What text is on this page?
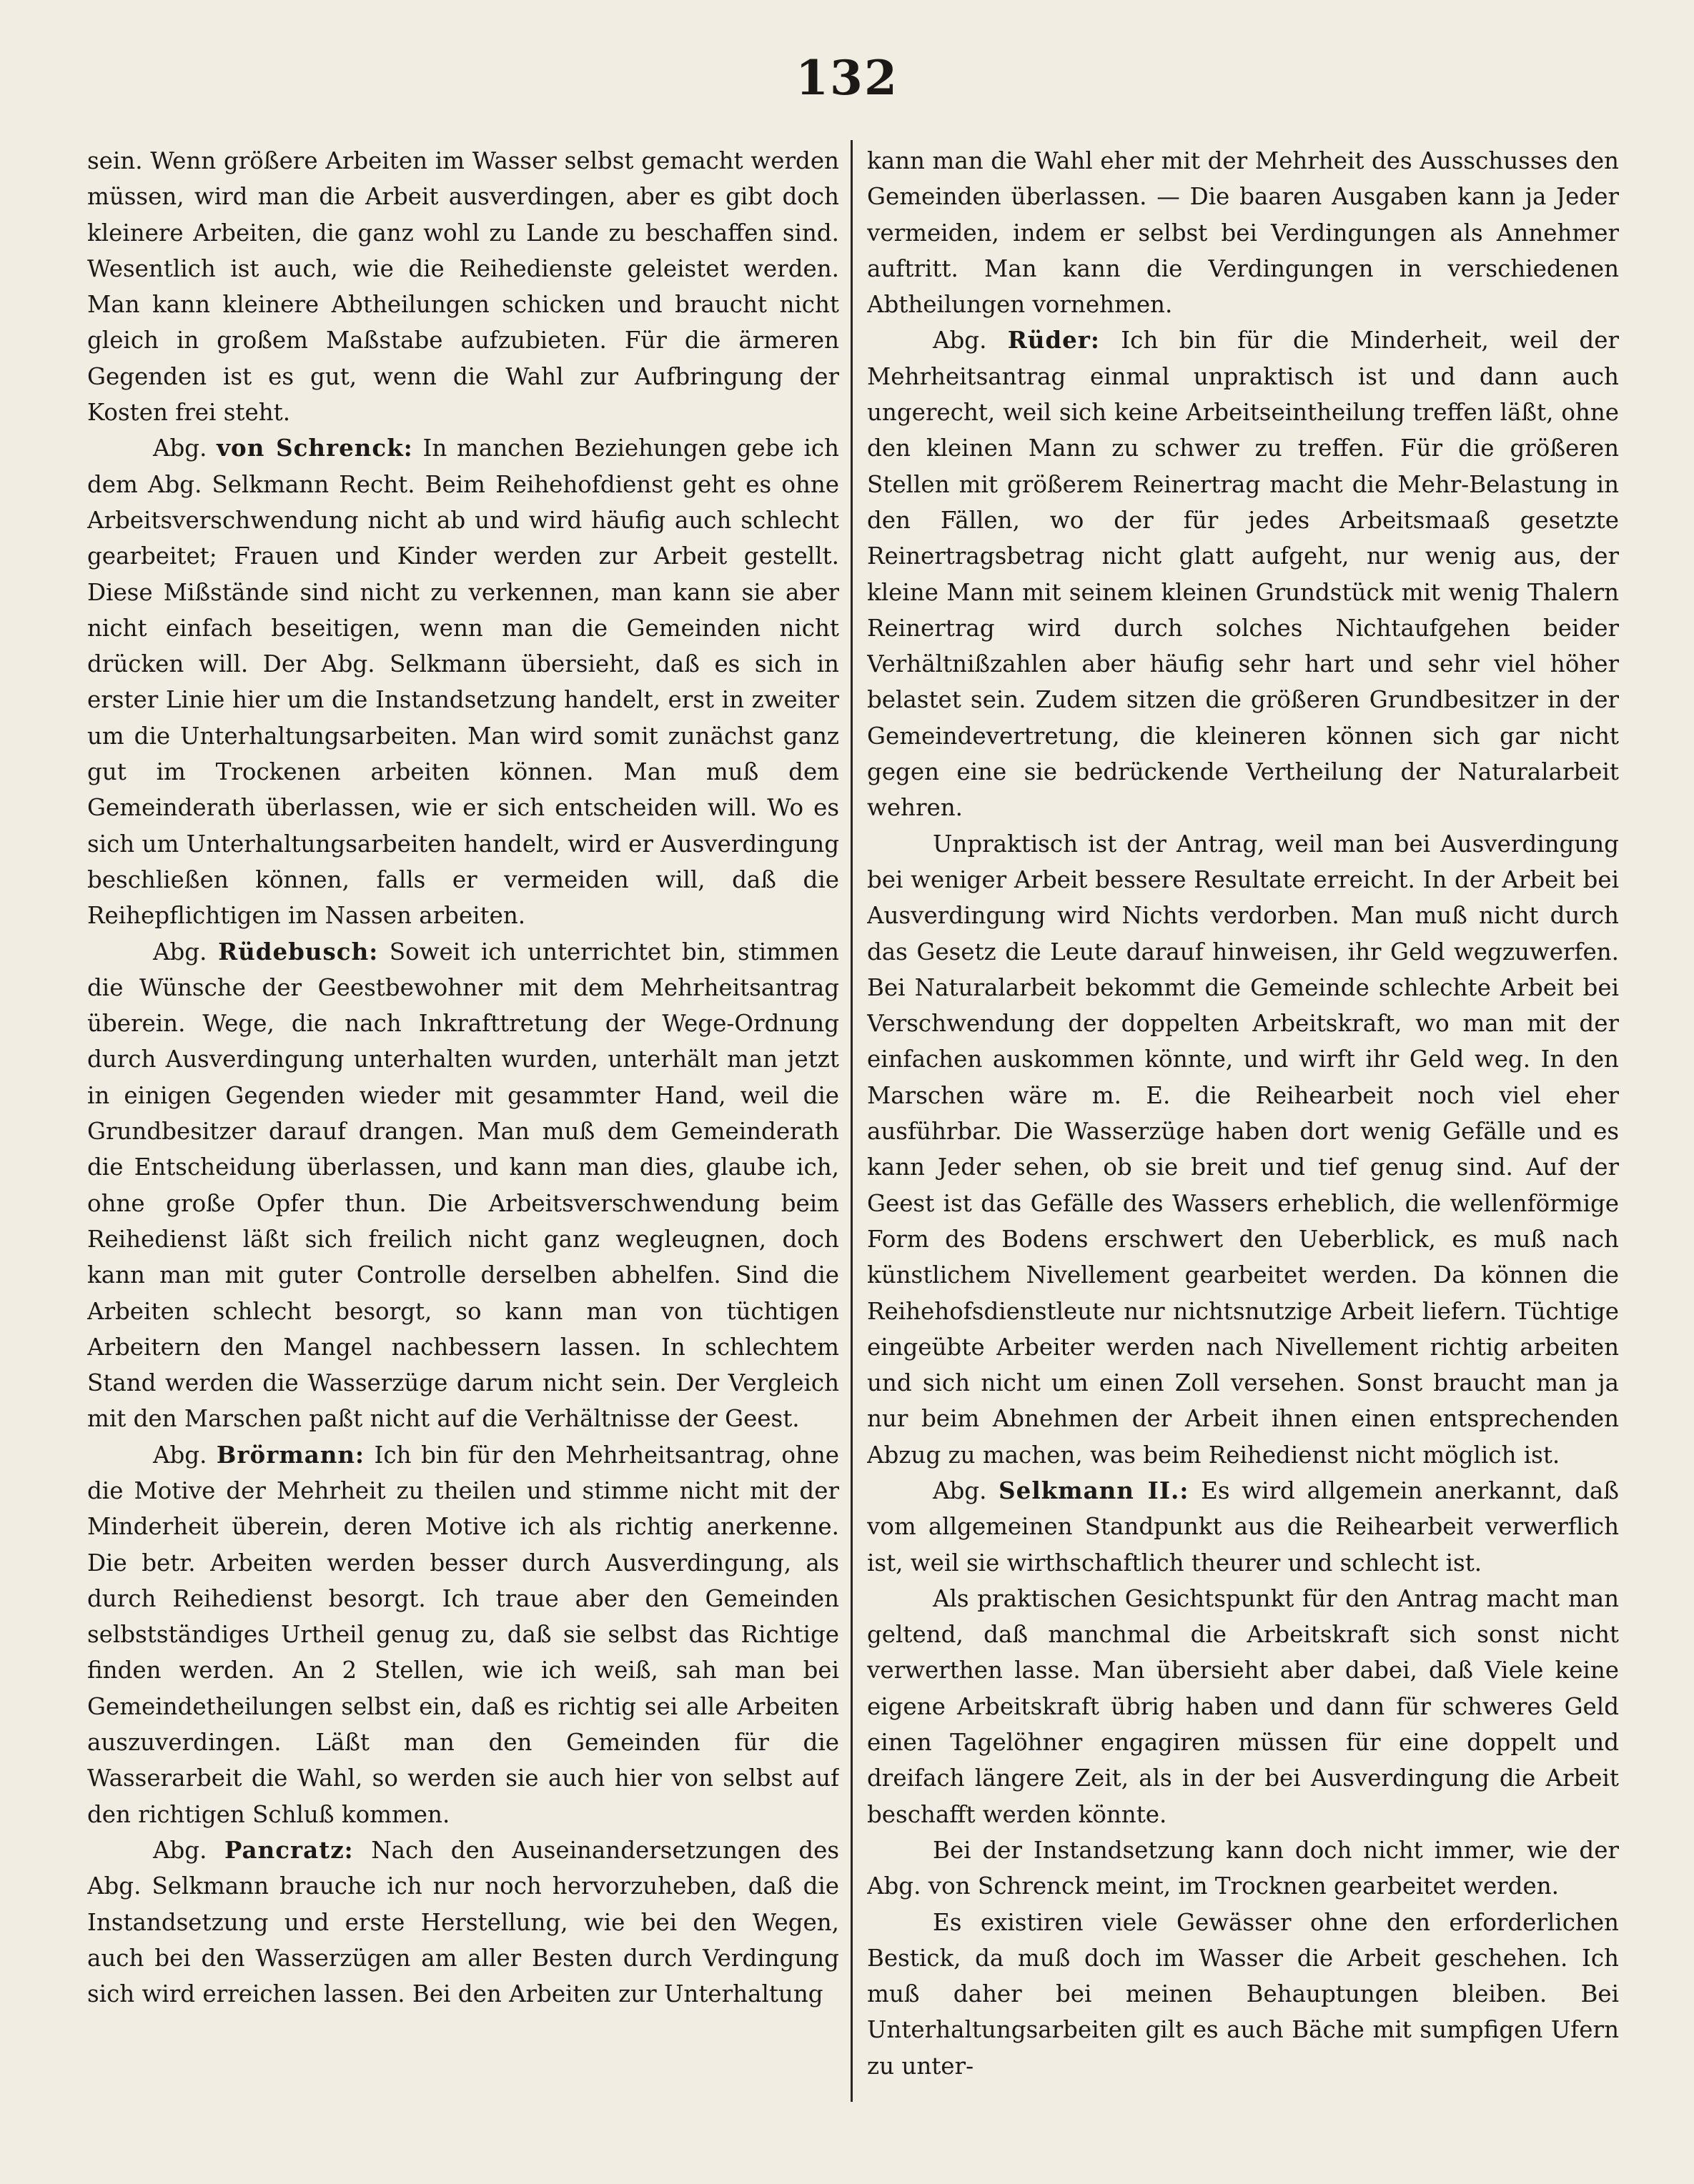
132

sein. Wenn größere Arbeiten im Wasser selbst gemacht werden müssen, wird man die Arbeit ausverdingen, aber es gibt doch kleinere Arbeiten, die ganz wohl zu Lande zu beschaffen sind. Wesentlich ist auch, wie die Reihedienste geleistet werden. Man kann kleinere Abtheilungen schicken und braucht nicht gleich in großem Maßstabe aufzubieten. Für die ärmeren Gegenden ist es gut, wenn die Wahl zur Aufbringung der Kosten frei steht.

Abg. von Schrenck: In manchen Beziehungen gebe ich dem Abg. Selkmann Recht. Beim Reihehofdienst geht es ohne Arbeitsverschwendung nicht ab und wird häufig auch schlecht gearbeitet; Frauen und Kinder werden zur Arbeit gestellt. Diese Mißstände sind nicht zu verkennen, man kann sie aber nicht einfach beseitigen, wenn man die Gemeinden nicht drücken will. Der Abg. Selkmann übersieht, daß es sich in erster Linie hier um die Instandsetzung handelt, erst in zweiter um die Unterhaltungsarbeiten. Man wird somit zunächst ganz gut im Trockenen arbeiten können. Man muß dem Gemeinderath überlassen, wie er sich entscheiden will. Wo es sich um Unterhaltungsarbeiten handelt, wird er Ausverdingung beschließen können, falls er vermeiden will, daß die Reihepflichtigen im Nassen arbeiten.

Abg. Rüdebusch: Soweit ich unterrichtet bin, stimmen die Wünsche der Geestbewohner mit dem Mehrheitsantrag überein. Wege, die nach Inkrafttretung der Wege-Ordnung durch Ausverdingung unterhalten wurden, unterhält man jetzt in einigen Gegenden wieder mit gesammter Hand, weil die Grundbesitzer darauf drangen. Man muß dem Gemeinderath die Entscheidung überlassen, und kann man dies, glaube ich, ohne große Opfer thun. Die Arbeitsverschwendung beim Reihedienst läßt sich freilich nicht ganz wegleugnen, doch kann man mit guter Controlle derselben abhelfen. Sind die Arbeiten schlecht besorgt, so kann man von tüchtigen Arbeitern den Mangel nachbessern lassen. In schlechtem Stand werden die Wasserzüge darum nicht sein. Der Vergleich mit den Marschen paßt nicht auf die Verhältnisse der Geest.

Abg. Brörmann: Ich bin für den Mehrheitsantrag, ohne die Motive der Mehrheit zu theilen und stimme nicht mit der Minderheit überein, deren Motive ich als richtig anerkenne. Die betr. Arbeiten werden besser durch Ausverdingung, als durch Reihedienst besorgt. Ich traue aber den Gemeinden selbstständiges Urtheil genug zu, daß sie selbst das Richtige finden werden. An 2 Stellen, wie ich weiß, sah man bei Gemeindetheilungen selbst ein, daß es richtig sei alle Arbeiten auszuverdingen. Läßt man den Gemeinden für die Wasserarbeit die Wahl, so werden sie auch hier von selbst auf den richtigen Schluß kommen.

Abg. Pancratz: Nach den Auseinandersetzungen des Abg. Selkmann brauche ich nur noch hervorzuheben, daß die Instandsetzung und erste Herstellung, wie bei den Wegen, auch bei den Wasserzügen am aller Besten durch Verdingung sich wird erreichen lassen. Bei den Arbeiten zur Unterhaltung

kann man die Wahl eher mit der Mehrheit des Ausschusses den Gemeinden überlassen. — Die baaren Ausgaben kann ja Jeder vermeiden, indem er selbst bei Verdingungen als Annehmer auftritt. Man kann die Verdingungen in verschiedenen Abtheilungen vornehmen.

Abg. Rüder: Ich bin für die Minderheit, weil der Mehrheitsantrag einmal unpraktisch ist und dann auch ungerecht, weil sich keine Arbeitseintheilung treffen läßt, ohne den kleinen Mann zu schwer zu treffen. Für die größeren Stellen mit größerem Reinertrag macht die Mehr-Belastung in den Fällen, wo der für jedes Arbeitsmaaß gesetzte Reinertragsbetrag nicht glatt aufgeht, nur wenig aus, der kleine Mann mit seinem kleinen Grundstück mit wenig Thalern Reinertrag wird durch solches Nichtaufgehen beider Verhältnißzahlen aber häufig sehr hart und sehr viel höher belastet sein. Zudem sitzen die größeren Grundbesitzer in der Gemeindevertretung, die kleineren können sich gar nicht gegen eine sie bedrückende Vertheilung der Naturalarbeit wehren.

Unpraktisch ist der Antrag, weil man bei Ausverdingung bei weniger Arbeit bessere Resultate erreicht. In der Arbeit bei Ausverdingung wird Nichts verdorben. Man muß nicht durch das Gesetz die Leute darauf hinweisen, ihr Geld wegzuwerfen. Bei Naturalarbeit bekommt die Gemeinde schlechte Arbeit bei Verschwendung der doppelten Arbeitskraft, wo man mit der einfachen auskommen könnte, und wirft ihr Geld weg. In den Marschen wäre m. E. die Reihearbeit noch viel eher ausführbar. Die Wasserzüge haben dort wenig Gefälle und es kann Jeder sehen, ob sie breit und tief genug sind. Auf der Geest ist das Gefälle des Wassers erheblich, die wellenförmige Form des Bodens erschwert den Ueberblick, es muß nach künstlichem Nivellement gearbeitet werden. Da können die Reihehofsdienstleute nur nichtsnutzige Arbeit liefern. Tüchtige eingeübte Arbeiter werden nach Nivellement richtig arbeiten und sich nicht um einen Zoll versehen. Sonst braucht man ja nur beim Abnehmen der Arbeit ihnen einen entsprechenden Abzug zu machen, was beim Reihedienst nicht möglich ist.

Abg. Selkmann II.: Es wird allgemein anerkannt, daß vom allgemeinen Standpunkt aus die Reihearbeit verwerflich ist, weil sie wirthschaftlich theurer und schlecht ist.

Als praktischen Gesichtspunkt für den Antrag macht man geltend, daß manchmal die Arbeitskraft sich sonst nicht verwerthen lasse. Man übersieht aber dabei, daß Viele keine eigene Arbeitskraft übrig haben und dann für schweres Geld einen Tagelöhner engagiren müssen für eine doppelt und dreifach längere Zeit, als in der bei Ausverdingung die Arbeit beschafft werden könnte.

Bei der Instandsetzung kann doch nicht immer, wie der Abg. von Schrenck meint, im Trocknen gearbeitet werden.

Es existiren viele Gewässer ohne den erforderlichen Bestick, da muß doch im Wasser die Arbeit geschehen. Ich muß daher bei meinen Behauptungen bleiben. Bei Unterhaltungsarbeiten gilt es auch Bäche mit sumpfigen Ufern zu unter-
